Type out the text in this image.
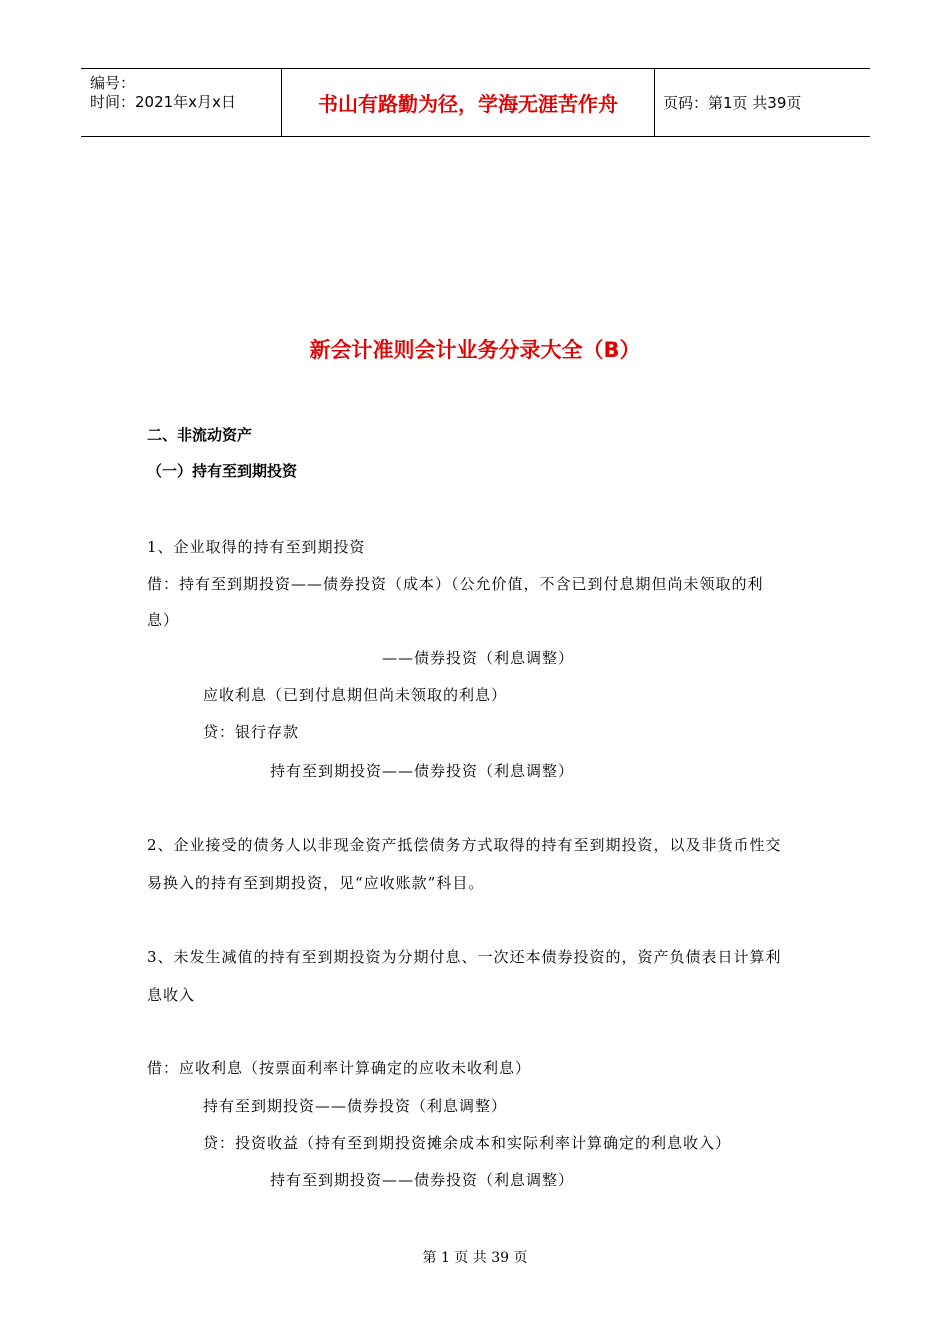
编号：
时间：2021年x月x日	书山有路勤为径，学海无涯苦作舟	页码：第1页 共39页
新会计准则会计业务分录大全（B）
二、非流动资产
（一）持有至到期投资
1、企业取得的持有至到期投资
借：持有至到期投资——债券投资（成本）（公允价值，不含已到付息期但尚未领取的利
息）
——债券投资（利息调整）
应收利息（已到付息期但尚未领取的利息）
贷：银行存款
持有至到期投资——债券投资（利息调整）
2、企业接受的债务人以非现金资产抵偿债务方式取得的持有至到期投资，以及非货币性交
易换入的持有至到期投资，见“应收账款”科目。
3、未发生减值的持有至到期投资为分期付息、一次还本债券投资的，资产负债表日计算利
息收入
借：应收利息（按票面利率计算确定的应收未收利息）
持有至到期投资——债券投资（利息调整）
贷：投资收益（持有至到期投资摊余成本和实际利率计算确定的利息收入）
持有至到期投资——债券投资（利息调整）
第 1 页 共 39 页
